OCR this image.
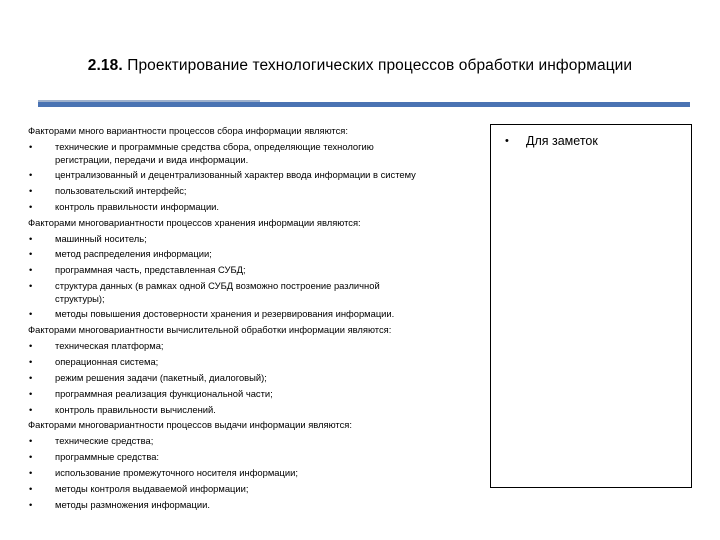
2.18. Проектирование технологических процессов обработки информации
Факторами много вариантности процессов сбора информации являются:
• технические и программные средства сбора, определяющие технологию
регистрации, передачи и вида информации.
• централизованный и децентрализованный характер ввода информации в систему
• пользовательский интерфейс;
• контроль правильности информации.
Факторами многовариантности процессов хранения информации являются:
• машинный носитель;
• метод распределения информации;
• программная часть, представленная СУБД;
• структура данных (в рамках одной СУБД возможно построение различной
структуры);
• методы повышения достоверности хранения и резервирования информации.
Факторами многовариантности вычислительной обработки информации являются:
• техническая платформа;
• операционная система;
• режим решения задачи (пакетный, диалоговый);
• программная реализация функциональной части;
• контроль правильности вычислений.
Факторами многовариантности процессов выдачи информации являются:
• технические средства;
• программные средства:
• использование промежуточного носителя информации;
• методы контроля выдаваемой информации;
• методы размножения информации.
• Для заметок
